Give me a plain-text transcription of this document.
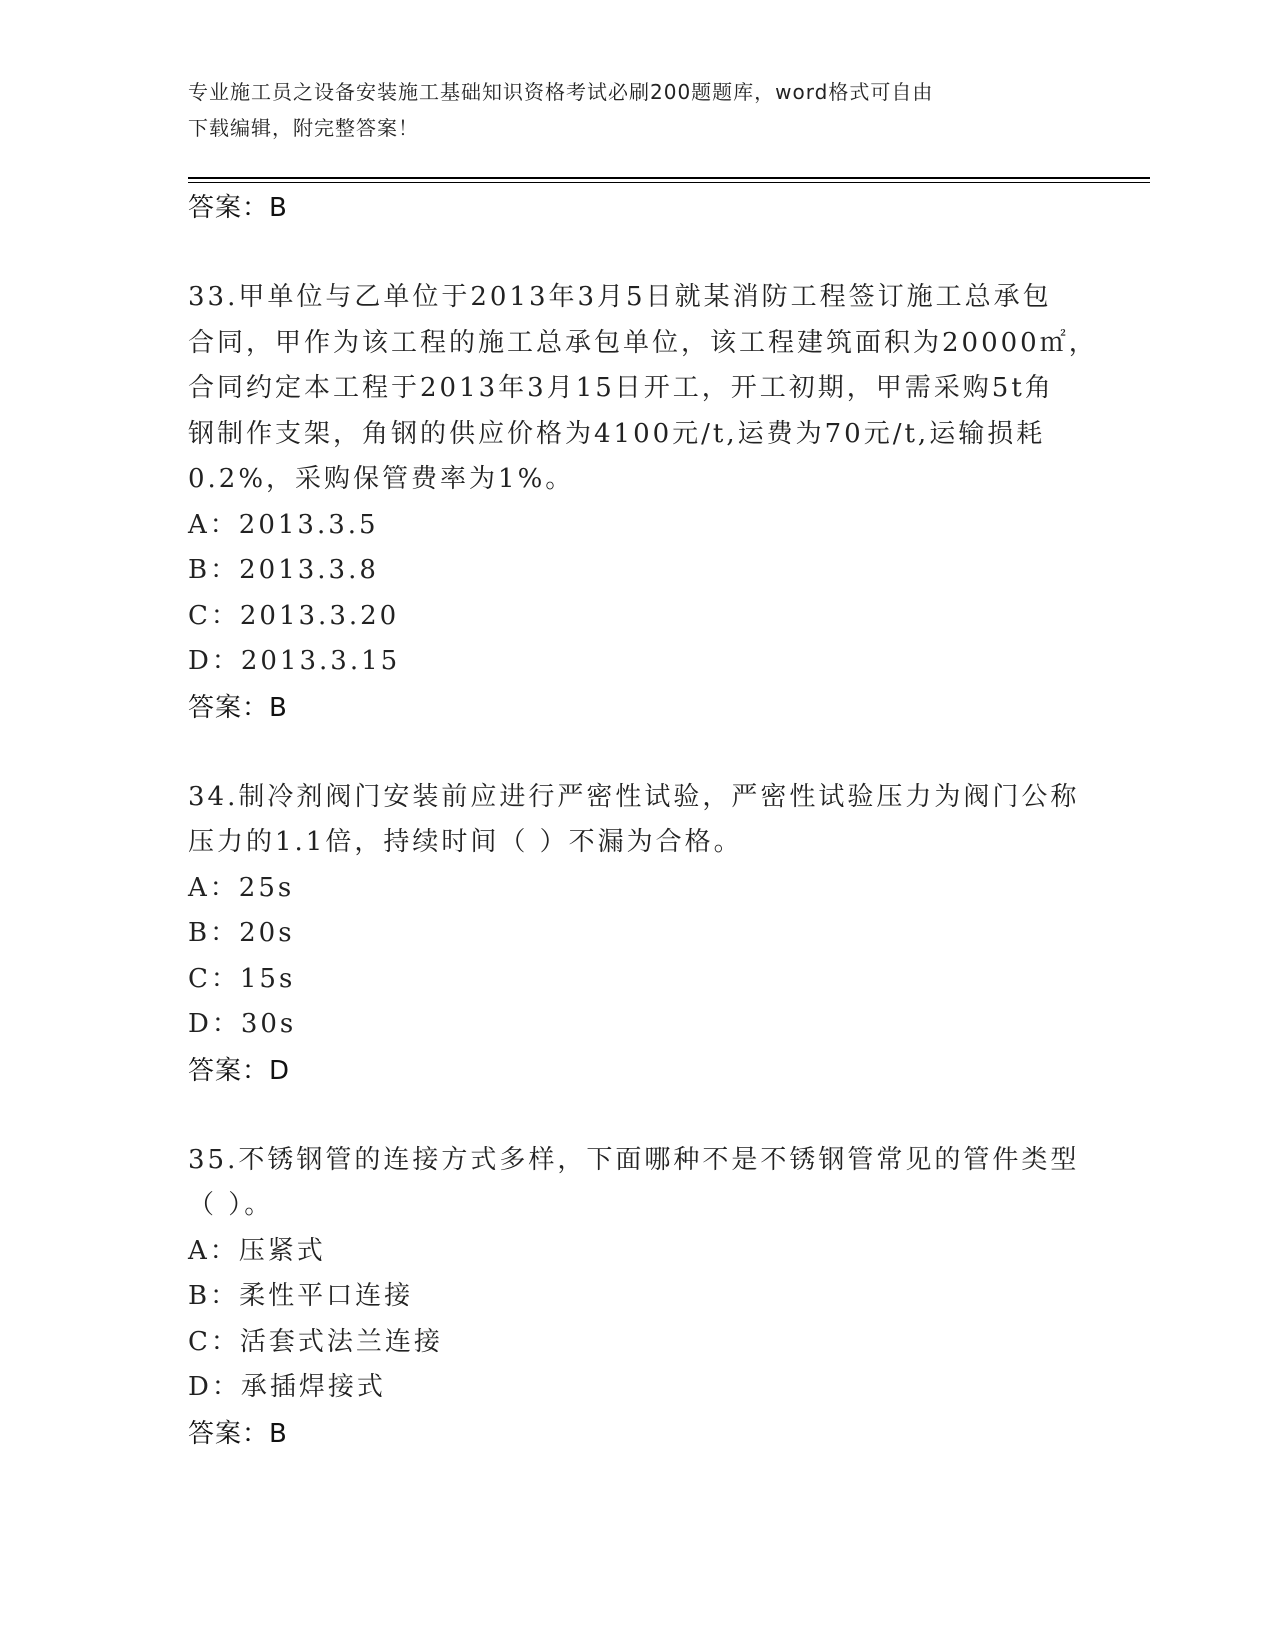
专业施工员之设备安装施工基础知识资格考试必刷200题题库，word格式可自由
下载编辑，附完整答案！
答案：B
33.甲单位与乙单位于2013年3月5日就某消防工程签订施工总承包
合同，甲作为该工程的施工总承包单位，该工程建筑面积为20000㎡，
合同约定本工程于2013年3月15日开工，开工初期，甲需采购5t角
钢制作支架，角钢的供应价格为4100元/t,运费为70元/t,运输损耗
0.2%，采购保管费率为1%。
A：2013.3.5
B：2013.3.8
C：2013.3.20
D：2013.3.15
答案：B
34.制冷剂阀门安装前应进行严密性试验，严密性试验压力为阀门公称
压力的1.1倍，持续时间（ ）不漏为合格。
A：25s
B：20s
C：15s
D：30s
答案：D
35.不锈钢管的连接方式多样，下面哪种不是不锈钢管常见的管件类型
（ ）。
A：压紧式
B：柔性平口连接
C：活套式法兰连接
D：承插焊接式
答案：B
